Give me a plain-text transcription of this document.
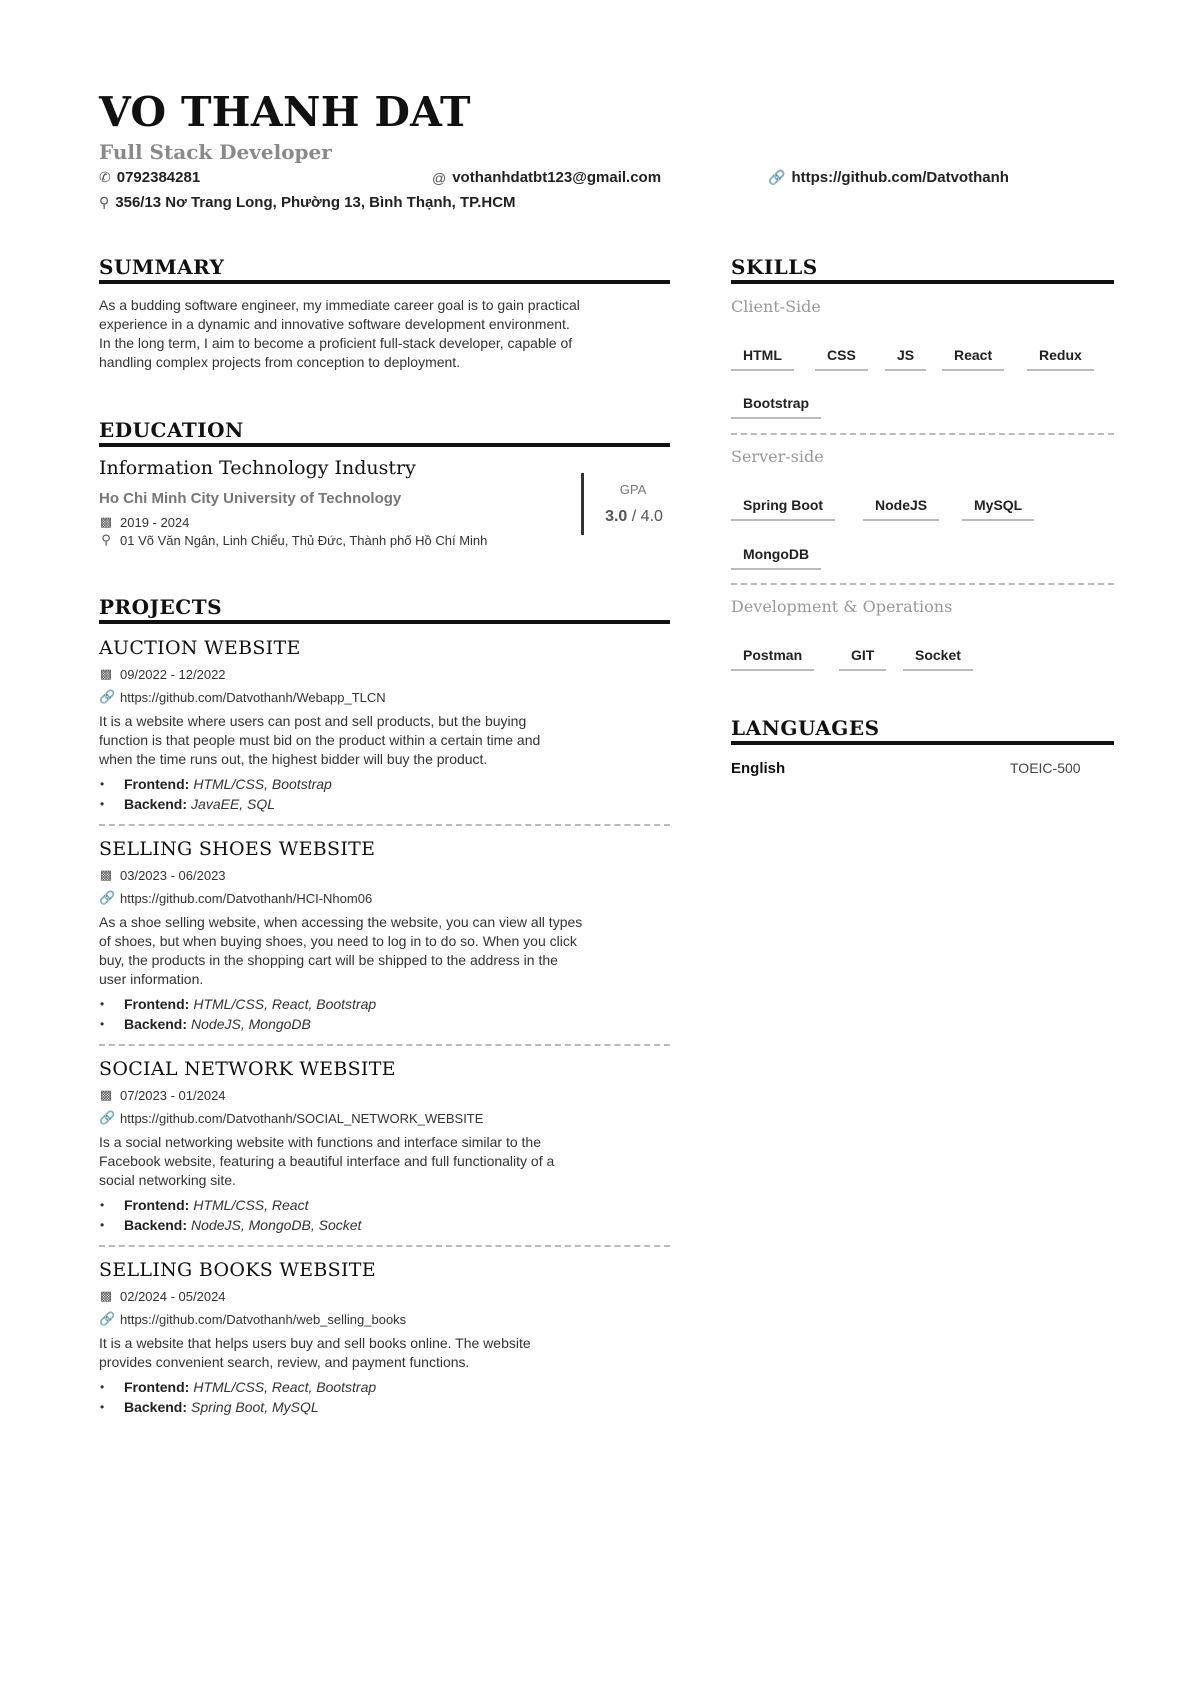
VO THANH DAT
Full Stack Developer
✆ 0792384281	@ vothanhdatbt123@gmail.com	🔗 https://github.com/Datvothanh
⚲ 356/13 Nơ Trang Long, Phường 13, Bình Thạnh, TP.HCM
SUMMARY
As a budding software engineer, my immediate career goal is to gain practical
experience in a dynamic and innovative software development environment.
In the long term, I aim to become a proficient full-stack developer, capable of
handling complex projects from conception to deployment.
EDUCATION
Information Technology Industry
Ho Chi Minh City University of Technology
▩ 2019 - 2024
⚲ 01 Võ Văn Ngân, Linh Chiểu, Thủ Đức, Thành phố Hồ Chí Minh
GPA
3.0 / 4.0
PROJECTS
AUCTION WEBSITE
▩ 09/2022 - 12/2022
🔗 https://github.com/Datvothanh/Webapp_TLCN
It is a website where users can post and sell products, but the buying
function is that people must bid on the product within a certain time and
when the time runs out, the highest bidder will buy the product.
•	Frontend: HTML/CSS, Bootstrap
•	Backend: JavaEE, SQL
SELLING SHOES WEBSITE
▩ 03/2023 - 06/2023
🔗 https://github.com/Datvothanh/HCI-Nhom06
As a shoe selling website, when accessing the website, you can view all types
of shoes, but when buying shoes, you need to log in to do so. When you click
buy, the products in the shopping cart will be shipped to the address in the
user information.
•	Frontend: HTML/CSS, React, Bootstrap
•	Backend: NodeJS, MongoDB
SOCIAL NETWORK WEBSITE
▩ 07/2023 - 01/2024
🔗 https://github.com/Datvothanh/SOCIAL_NETWORK_WEBSITE
Is a social networking website with functions and interface similar to the
Facebook website, featuring a beautiful interface and full functionality of a
social networking site.
•	Frontend: HTML/CSS, React
•	Backend: NodeJS, MongoDB, Socket
SELLING BOOKS WEBSITE
▩ 02/2024 - 05/2024
🔗 https://github.com/Datvothanh/web_selling_books
It is a website that helps users buy and sell books online. The website
provides convenient search, review, and payment functions.
•	Frontend: HTML/CSS, React, Bootstrap
•	Backend: Spring Boot, MySQL
SKILLS
Client-Side
HTML	CSS	JS	React	Redux
Bootstrap
Server-side
Spring Boot	NodeJS	MySQL
MongoDB
Development & Operations
Postman	GIT	Socket
LANGUAGES
English	TOEIC-500
